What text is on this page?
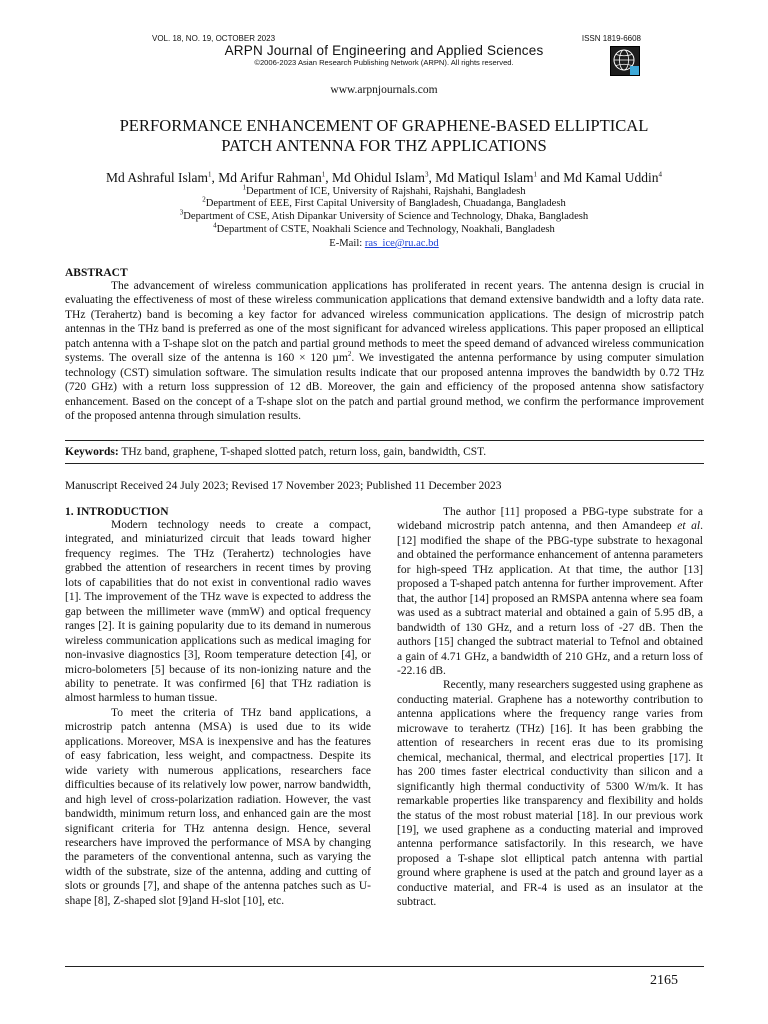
VOL. 18, NO. 19, OCTOBER 2023	ISSN 1819-6608
ARPN Journal of Engineering and Applied Sciences
©2006-2023 Asian Research Publishing Network (ARPN). All rights reserved.
www.arpnjournals.com
PERFORMANCE ENHANCEMENT OF GRAPHENE-BASED ELLIPTICAL
PATCH ANTENNA FOR THZ APPLICATIONS
Md Ashraful Islam$^1$, Md Arifur Rahman$^1$, Md Ohidul Islam$^3$, Md Matiqul Islam$^1$ and Md Kamal Uddin$^4$
$^1$Department of ICE, University of Rajshahi, Rajshahi, Bangladesh
$^2$Department of EEE, First Capital University of Bangladesh, Chuadanga, Bangladesh
$^3$Department of CSE, Atish Dipankar University of Science and Technology, Dhaka, Bangladesh
$^4$Department of CSTE, Noakhali Science and Technology, Noakhali, Bangladesh
E-Mail: ras_ice@ru.ac.bd
ABSTRACT

The advancement of wireless communication applications has proliferated in recent years. The antenna design is crucial in evaluating the effectiveness of most of these wireless communication applications that demand extensive bandwidth and a lofty data rate. THz (Terahertz) band is becoming a key factor for advanced wireless communication applications. The design of microstrip patch antennas in the THz band is preferred as one of the most significant for advanced wireless applications. This paper proposed an elliptical patch antenna with a T-shape slot on the patch and partial ground methods to meet the speed demand of advanced wireless communication systems. The overall size of the antenna is 160 × 120 µm$^2$. We investigated the antenna performance by using computer simulation technology (CST) simulation software. The simulation results indicate that our proposed antenna improves the bandwidth by 0.72 THz (720 GHz) with a return loss suppression of 12 dB. Moreover, the gain and efficiency of the proposed antenna show satisfactory enhancement. Based on the concept of a T-shape slot on the patch and partial ground method, we confirm the performance improvement of the proposed antenna through simulation results.

Keywords: THz band, graphene, T-shaped slotted patch, return loss, gain, bandwidth, CST.
Manuscript Received 24 July 2023; Revised 17 November 2023; Published 11 December 2023
1. INTRODUCTION

Modern technology needs to create a compact, integrated, and miniaturized circuit that leads toward higher frequency regimes. The THz (Terahertz) technologies have grabbed the attention of researchers in recent times by proving lots of capabilities that do not exist in conventional radio waves [1]. The improvement of the THz wave is expected to address the gap between the millimeter wave (mmW) and optical frequency ranges [2]. It is gaining popularity due to its demand in numerous wireless communication applications such as medical imaging for non-invasive diagnostics [3], Room temperature detection [4], or micro-bolometers [5] because of its non-ionizing nature and the ability to penetrate. It was confirmed [6] that THz radiation is almost harmless to human tissue.

To meet the criteria of THz band applications, a microstrip patch antenna (MSA) is used due to its wide applications. Moreover, MSA is inexpensive and has the features of easy fabrication, less weight, and compactness. Despite its wide variety with numerous applications, researchers face difficulties because of its relatively low power, narrow bandwidth, and high level of cross-polarization radiation. However, the vast bandwidth, minimum return loss, and enhanced gain are the most significant criteria for THz antenna design. Hence, several researchers have improved the performance of MSA by changing the parameters of the conventional antenna, such as varying the width of the substrate, size of the antenna, adding and cutting of slots or grounds [7], and shape of the antenna patches such as U-shape [8], Z-shaped slot [9]and H-slot [10], etc.

The author [11] proposed a PBG-type substrate for a wideband microstrip patch antenna, and then Amandeep et al. [12] modified the shape of the PBG-type substrate to hexagonal and obtained the performance enhancement of antenna parameters for high-speed THz application. At that time, the author [13] proposed a T-shaped patch antenna for further improvement. After that, the author [14] proposed an RMSPA antenna where sea foam was used as a subtract material and obtained a gain of 5.95 dB, a bandwidth of 130 GHz, and a return loss of -27 dB. Then the authors [15] changed the subtract material to Tefnol and obtained a gain of 4.71 GHz, a bandwidth of 210 GHz, and a return loss of -22.16 dB.

Recently, many researchers suggested using graphene as conducting material. Graphene has a noteworthy contribution to antenna applications where the frequency range varies from microwave to terahertz (THz) [16]. It has been grabbing the attention of researchers in recent eras due to its promising chemical, mechanical, thermal, and electrical properties [17]. It has 200 times faster electrical conductivity than silicon and a significantly high thermal conductivity of 5300 W/m/k. It has remarkable properties like transparency and flexibility and holds the status of the most robust material [18]. In our previous work [19], we used graphene as a conducting material and improved antenna performance satisfactorily. In this research, we have proposed a T-shape slot elliptical patch antenna with partial ground where graphene is used at the patch and ground layer as a conductive material, and FR-4 is used as an insulator at the subtract.

2165
